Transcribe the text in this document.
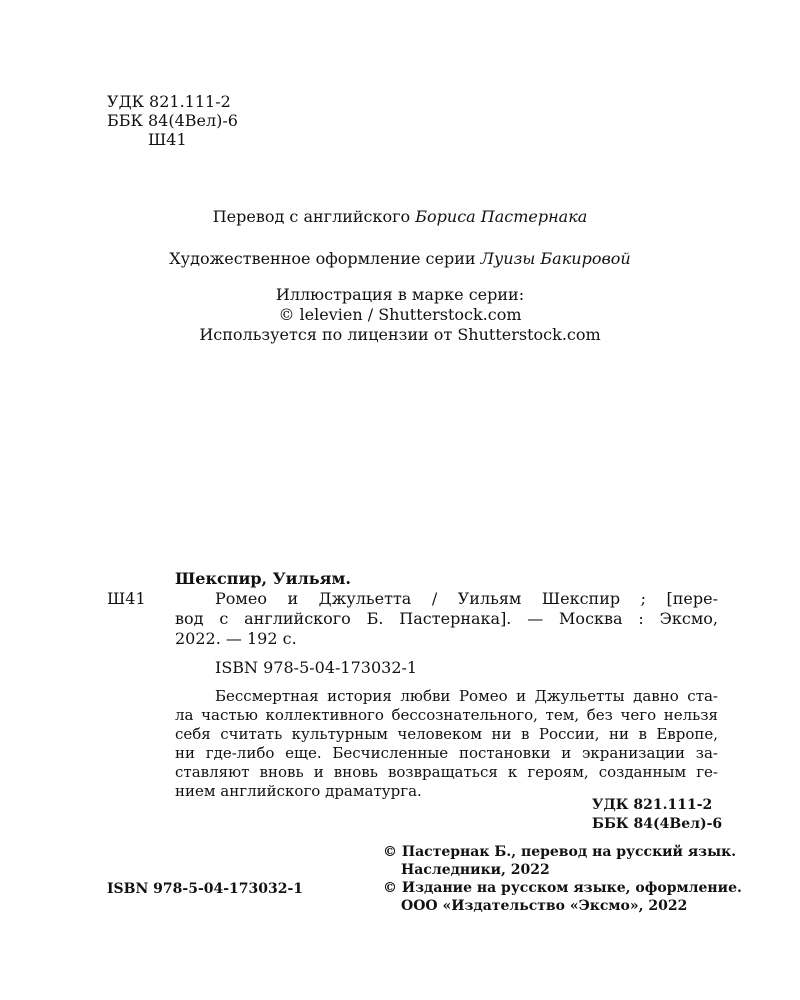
УДК 821.111-2
ББК 84(4Вел)-6
Ш41
Перевод с английского Бориса Пастернака
Художественное оформление серии Луизы Бакировой
Иллюстрация в марке серии:
© lelevien / Shutterstock.com
Используется по лицензии от Shutterstock.com
Шекспир, Уильям.
Ш41	Ромео и Джульетта / Уильям Шекспир ; [пере-
вод с английского Б. Пастернака]. — Москва : Эксмо,
2022. — 192 с.
ISBN 978-5-04-173032-1
Бессмертная история любви Ромео и Джульетты давно ста-
ла частью коллективного бессознательного, тем, без чего нельзя
себя считать культурным человеком ни в России, ни в Европе,
ни где-либо еще. Бесчисленные постановки и экранизации за-
ставляют вновь и вновь возвращаться к героям, созданным ге-
нием английского драматурга.
УДК 821.111-2
ББК 84(4Вел)-6
ISBN 978-5-04-173032-1
© Пастернак Б., перевод на русский язык.
Наследники, 2022
© Издание на русском языке, оформление.
ООО «Издательство «Эксмо», 2022
